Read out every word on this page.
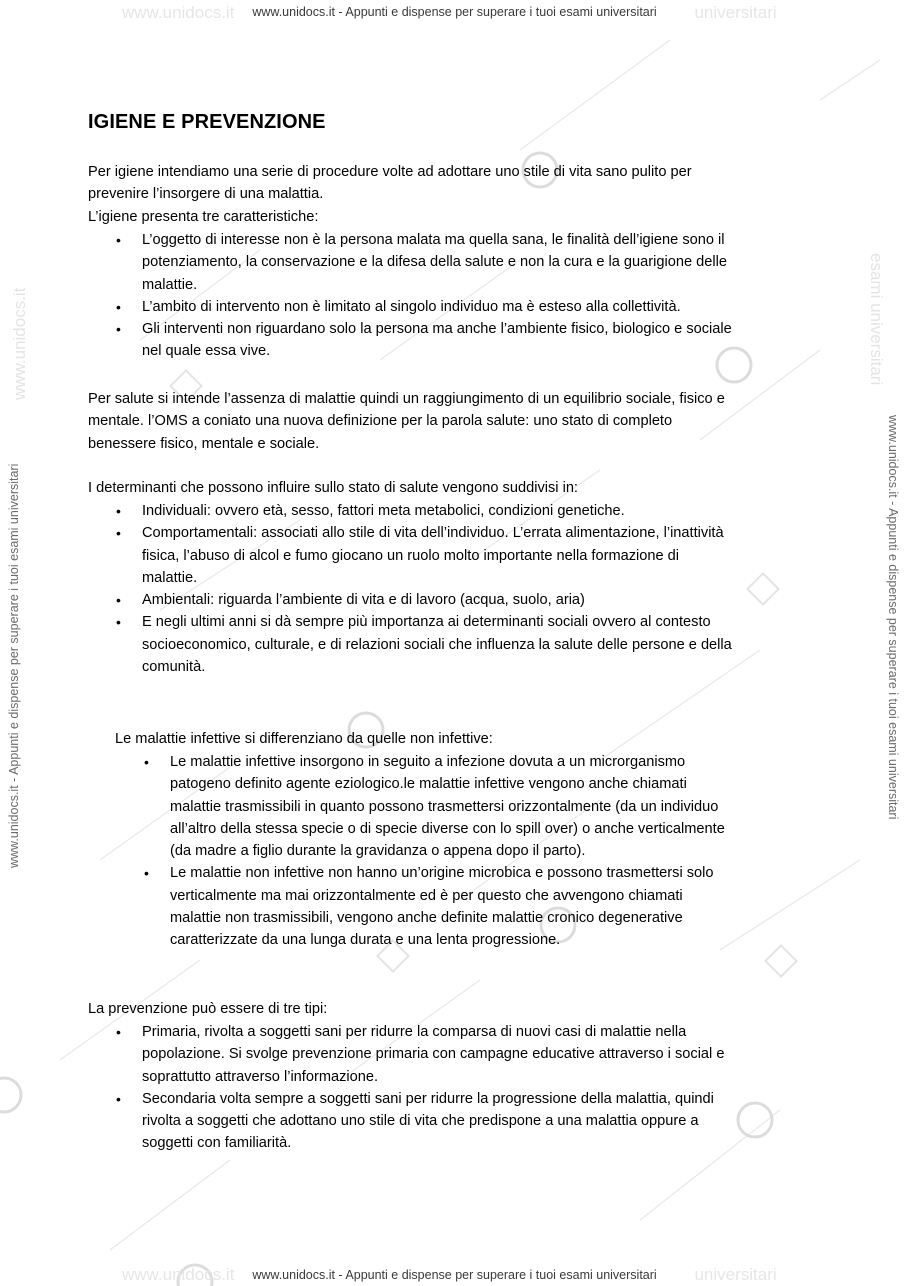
www.unidocs.it	universitari
www.unidocs.it - Appunti e dispense per superare i tuoi esami universitari
www.unidocs.it	universitari
www.unidocs.it - Appunti e dispense per superare i tuoi esami universitari
www.unidocs.it
www.unidocs.it - Appunti e dispense per superare i tuoi esami universitari
esami universitari
www.unidocs.it - Appunti e dispense per superare i tuoi esami universitari
IGIENE E PREVENZIONE
Per igiene intendiamo una serie di procedure volte ad adottare uno stile di vita sano pulito per
prevenire l’insorgere di una malattia.
L’igiene presenta tre caratteristiche:
• L’oggetto di interesse non è la persona malata ma quella sana, le finalità dell’igiene sono il
potenziamento, la conservazione e la difesa della salute e non la cura e la guarigione delle
malattie.
• L’ambito di intervento non è limitato al singolo individuo ma è esteso alla collettività.
• Gli interventi non riguardano solo la persona ma anche l’ambiente fisico, biologico e sociale
nel quale essa vive.
Per salute si intende l’assenza di malattie quindi un raggiungimento di un equilibrio sociale, fisico e
mentale. l’OMS a coniato una nuova definizione per la parola salute: uno stato di completo
benessere fisico, mentale e sociale.
I determinanti che possono influire sullo stato di salute vengono suddivisi in:
• Individuali: ovvero età, sesso, fattori meta metabolici, condizioni genetiche.
• Comportamentali: associati allo stile di vita dell’individuo. L’errata alimentazione, l’inattività
fisica, l’abuso di alcol e fumo giocano un ruolo molto importante nella formazione di
malattie.
• Ambientali: riguarda l’ambiente di vita e di lavoro (acqua, suolo, aria)
• E negli ultimi anni si dà sempre più importanza ai determinanti sociali ovvero al contesto
socioeconomico, culturale, e di relazioni sociali che influenza la salute delle persone e della
comunità.
Le malattie infettive si differenziano da quelle non infettive:
• Le malattie infettive insorgono in seguito a infezione dovuta a un microrganismo
patogeno definito agente eziologico.le malattie infettive vengono anche chiamati
malattie trasmissibili in quanto possono trasmettersi orizzontalmente (da un individuo
all’altro della stessa specie o di specie diverse con lo spill over) o anche verticalmente
(da madre a figlio durante la gravidanza o appena dopo il parto).
• Le malattie non infettive non hanno un’origine microbica e possono trasmettersi solo
verticalmente ma mai orizzontalmente ed è per questo che avvengono chiamati
malattie non trasmissibili, vengono anche definite malattie cronico degenerative
caratterizzate da una lunga durata e una lenta progressione.
La prevenzione può essere di tre tipi:
• Primaria, rivolta a soggetti sani per ridurre la comparsa di nuovi casi di malattie nella
popolazione. Si svolge prevenzione primaria con campagne educative attraverso i social e
soprattutto attraverso l’informazione.
• Secondaria volta sempre a soggetti sani per ridurre la progressione della malattia, quindi
rivolta a soggetti che adottano uno stile di vita che predispone a una malattia oppure a
soggetti con familiarità.
